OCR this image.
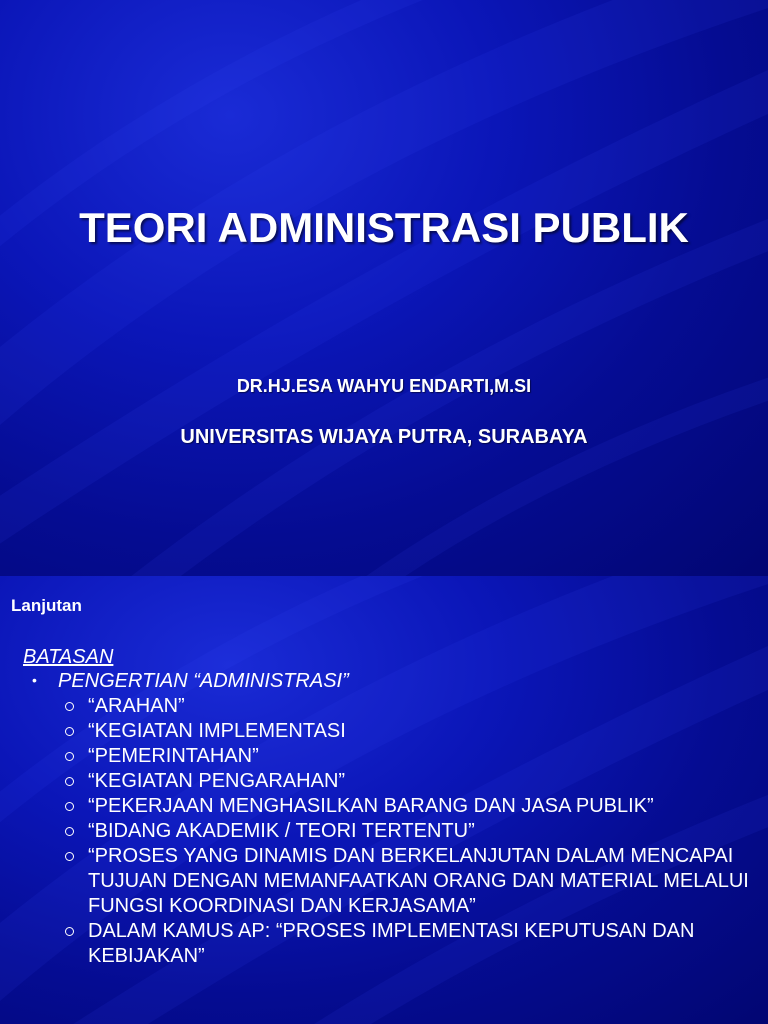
TEORI ADMINISTRASI PUBLIK
DR.HJ.ESA WAHYU ENDARTI,M.SI
UNIVERSITAS WIJAYA PUTRA, SURABAYA
Lanjutan
BATASAN
• PENGERTIAN “ADMINISTRASI”
“ARAHAN”
“KEGIATAN IMPLEMENTASI
“PEMERINTAHAN”
“KEGIATAN PENGARAHAN”
“PEKERJAAN MENGHASILKAN BARANG DAN JASA PUBLIK”
“BIDANG AKADEMIK / TEORI TERTENTU”
“PROSES YANG DINAMIS DAN BERKELANJUTAN DALAM MENCAPAI TUJUAN DENGAN MEMANFAATKAN ORANG DAN MATERIAL MELALUI FUNGSI KOORDINASI DAN KERJASAMA”
DALAM KAMUS AP: “PROSES IMPLEMENTASI KEPUTUSAN DAN KEBIJAKAN”
